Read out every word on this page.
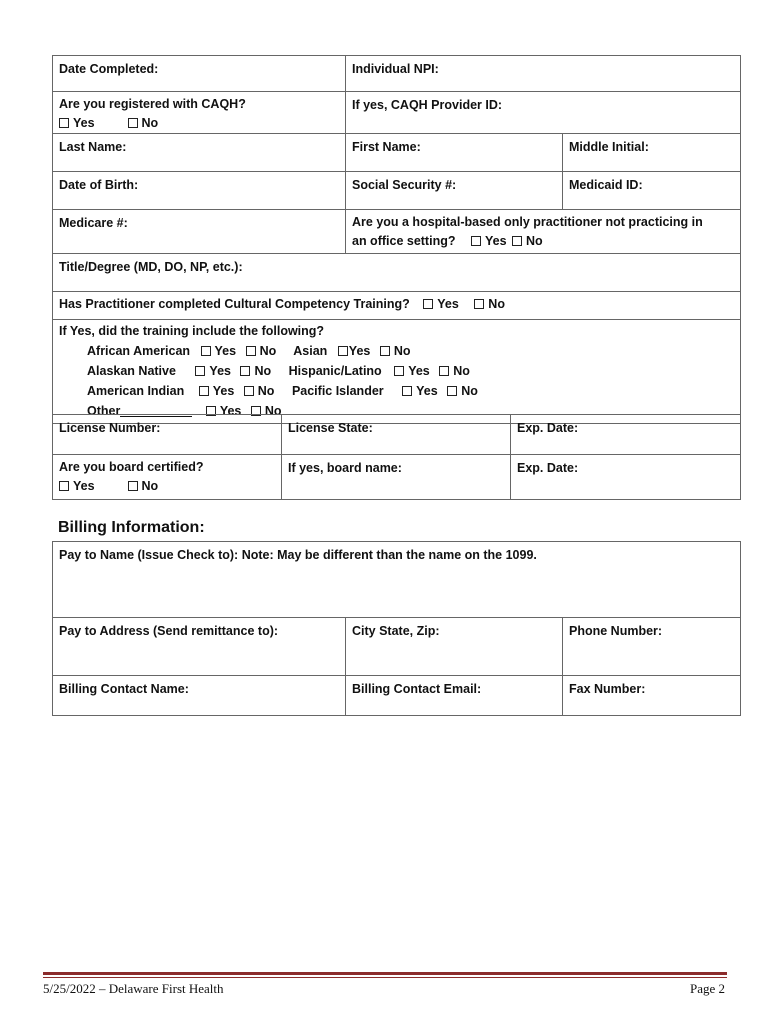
Date Completed:	Individual NPI:	

Are you registered with CAQH?
Yes No	If yes, CAQH Provider ID:	
Last Name:	First Name:	Middle Initial:
Date of Birth:	Social Security #:	Medicaid ID:
Medicare #:	Are you a hospital-based only practitioner not practicing in
an office setting? Yes No	

Title/Degree (MD, DO, NP, etc.):		
Has Practitioner completed Cultural Competency Training? Yes No		

If Yes, did the training include the following?
African American Yes No Asian Yes No
Alaskan Native Yes No Hispanic/Latino Yes No
American Indian Yes No Pacific Islander Yes No
Other Yes No		
License Number:	License State:	Exp. Date:

Are you board certified?
Yes No	If yes, board name:	Exp. Date:
Billing Information:
Pay to Name (Issue Check to): Note: May be different than the name on the 1099.		
Pay to Address (Send remittance to):	City State, Zip:	Phone Number:
Billing Contact Name:	Billing Contact Email:	Fax Number:
5/25/2022 – Delaware First Health	Page 2
